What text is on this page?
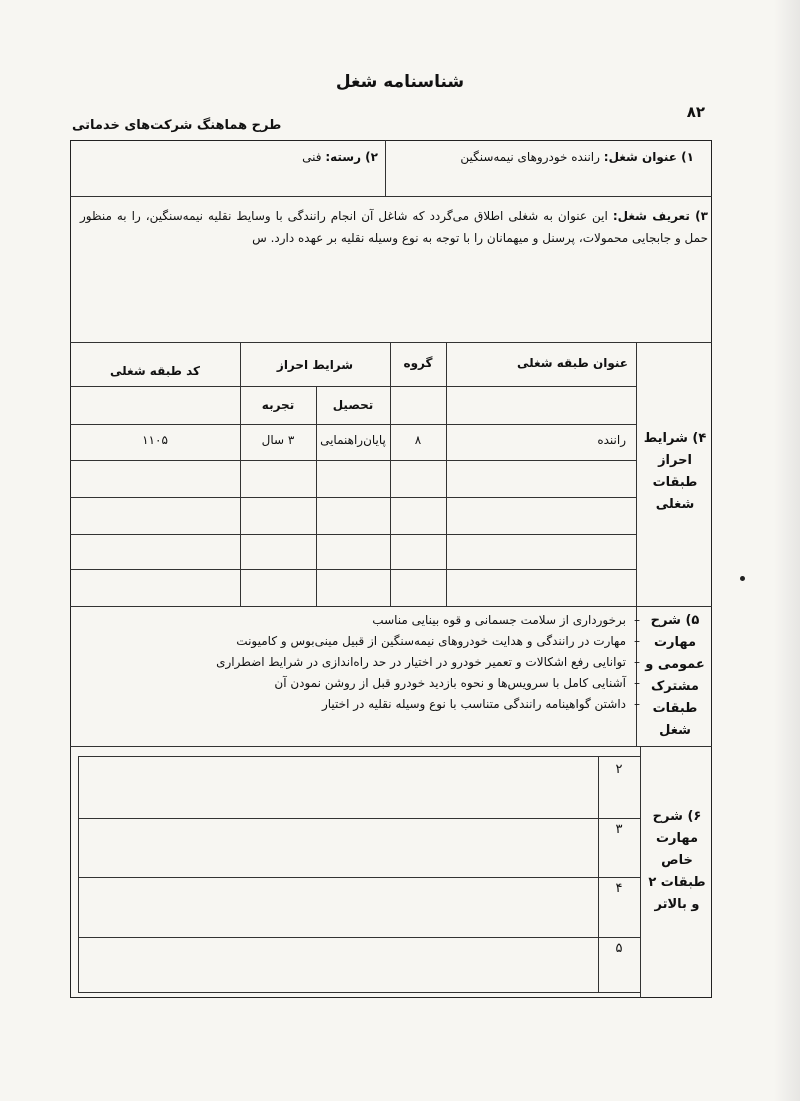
شناسنامه شغل
۸۲
طرح هماهنگ شرکت‌های خدماتی
۱) عنوان شغل: راننده خودروهای نیمه‌سنگین
۲) رسته: فنی
۳) تعریف شغل: این عنوان به شغلی اطلاق می‌گردد که شاغل آن انجام رانندگی با وسایط نقلیه نیمه‌سنگین، را به منظور حمل و جابجایی محمولات، پرسنل و میهمانان را با توجه به نوع وسیله نقلیه بر عهده دارد. س
۴) شرایط احراز طبقات شغلی
عنوان طبقه شغلی
گروه
شرایط احراز
کد طبقه شغلی
تحصیل
تجربه
راننده
۸
پایان‌راهنمایی
۳ سال
۱۱۰۵
۵) شرح مهارت عمومی و مشترک طبقات شغل
–برخورداری از سلامت جسمانی و قوه بینایی مناسب
–مهارت در رانندگی و هدایت خودروهای نیمه‌سنگین از قبیل مینی‌بوس و کامیونت
–توانایی رفع اشکالات و تعمیر خودرو در اختیار در حد راه‌اندازی در شرایط اضطراری
–آشنایی کامل با سرویس‌ها و نحوه بازدید خودرو قبل از روشن نمودن آن
–داشتن گواهینامه رانندگی متناسب با نوع وسیله نقلیه در اختیار
۶) شرح مهارت خاص طبقات ۲ و بالاتر
۲
۳
۴
۵
